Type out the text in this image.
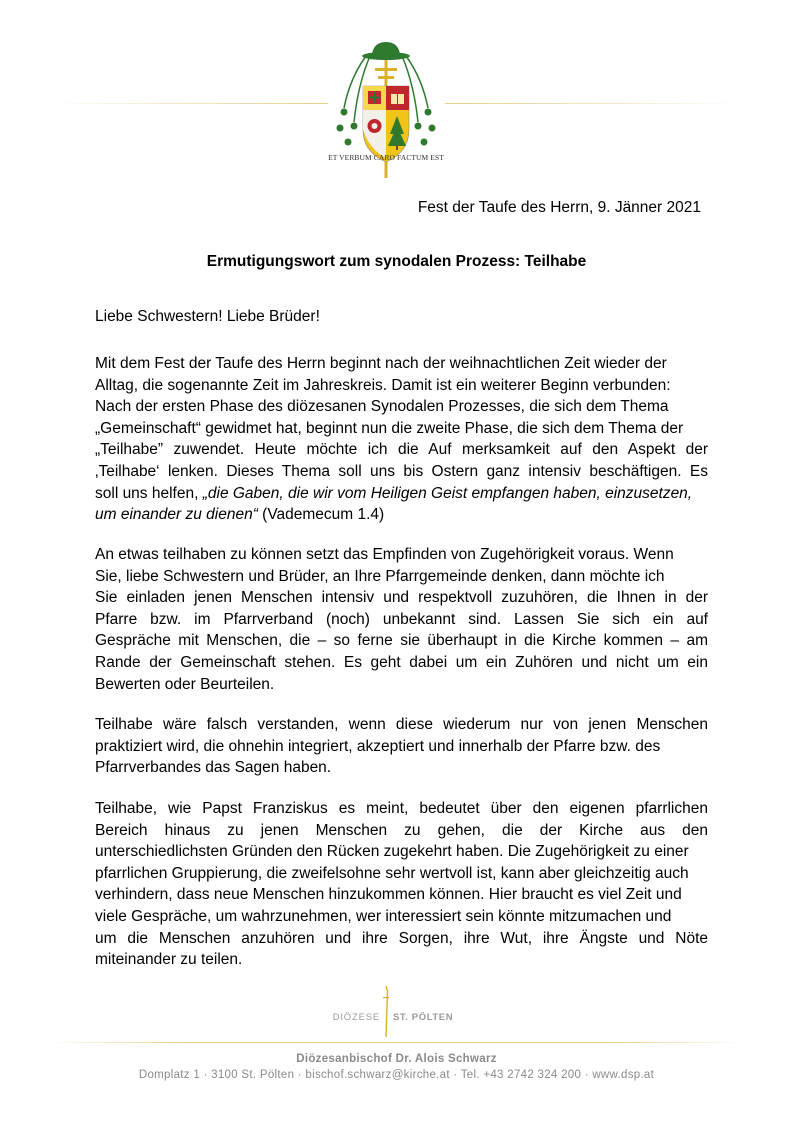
ET VERBUM CARO FACTUM EST
Fest der Taufe des Herrn, 9. Jänner 2021
Ermutigungswort zum synodalen Prozess: Teilhabe
Liebe Schwestern! Liebe Brüder!
Mit dem Fest der Taufe des Herrn beginnt nach der weihnachtlichen Zeit wieder der
Alltag, die sogenannte Zeit im Jahreskreis. Damit ist ein weiterer Beginn verbunden:
Nach der ersten Phase des diözesanen Synodalen Prozesses, die sich dem Thema
„Gemeinschaft“ gewidmet hat, beginnt nun die zweite Phase, die sich dem Thema der
„Teilhabe” zuwendet. Heute möchte ich die Auf merksamkeit auf den Aspekt der
‚Teilhabe‘ lenken. Dieses Thema soll uns bis Ostern ganz intensiv beschäftigen. Es
soll uns helfen, „die Gaben, die wir vom Heiligen Geist empfangen haben, einzusetzen,
um einander zu dienen“ (Vademecum 1.4)
An etwas teilhaben zu können setzt das Empfinden von Zugehörigkeit voraus. Wenn
Sie, liebe Schwestern und Brüder, an Ihre Pfarrgemeinde denken, dann möchte ich
Sie einladen jenen Menschen intensiv und respektvoll zuzuhören, die Ihnen in der
Pfarre bzw. im Pfarrverband (noch) unbekannt sind. Lassen Sie sich ein auf
Gespräche mit Menschen, die – so ferne sie überhaupt in die Kirche kommen – am
Rande der Gemeinschaft stehen. Es geht dabei um ein Zuhören und nicht um ein
Bewerten oder Beurteilen.
Teilhabe wäre falsch verstanden, wenn diese wiederum nur von jenen Menschen
praktiziert wird, die ohnehin integriert, akzeptiert und innerhalb der Pfarre bzw. des
Pfarrverbandes das Sagen haben.
Teilhabe, wie Papst Franziskus es meint, bedeutet über den eigenen pfarrlichen
Bereich hinaus zu jenen Menschen zu gehen, die der Kirche aus den
unterschiedlichsten Gründen den Rücken zugekehrt haben. Die Zugehörigkeit zu einer
pfarrlichen Gruppierung, die zweifelsohne sehr wertvoll ist, kann aber gleichzeitig auch
verhindern, dass neue Menschen hinzukommen können. Hier braucht es viel Zeit und
viele Gespräche, um wahrzunehmen, wer interessiert sein könnte mitzumachen und
um die Menschen anzuhören und ihre Sorgen, ihre Wut, ihre Ängste und Nöte
miteinander zu teilen.
DIÖZESE ST. PÖLTEN
Diözesanbischof Dr. Alois Schwarz
Domplatz 1 · 3100 St. Pölten · bischof.schwarz@kirche.at · Tel. +43 2742 324 200 · www.dsp.at
